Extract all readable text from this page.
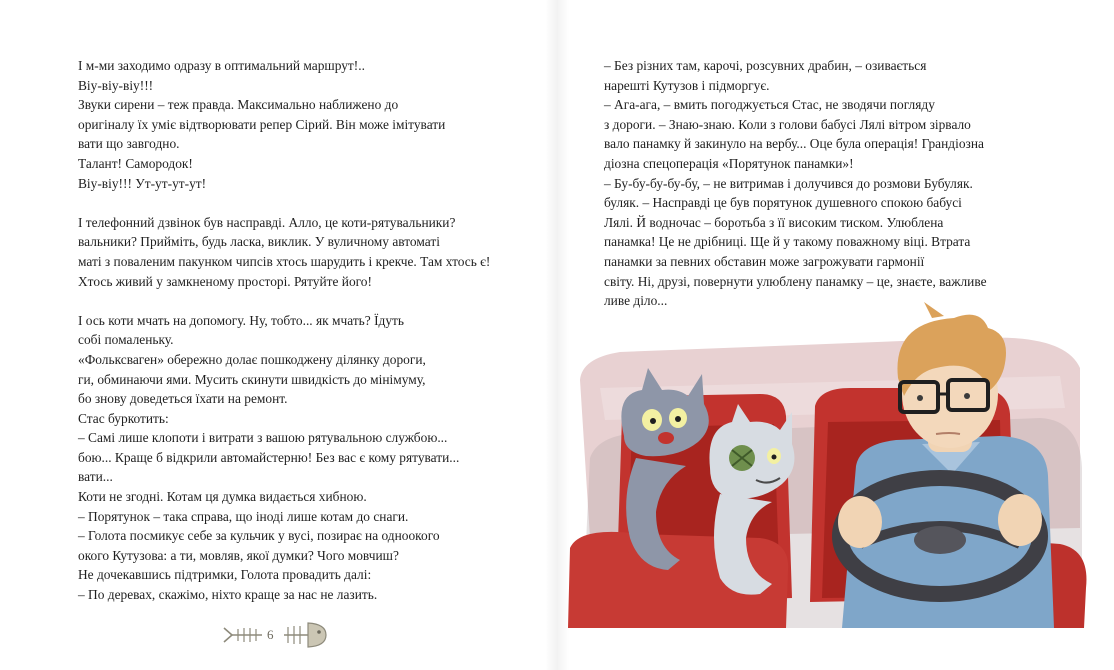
І м-ми заходимо одразу в оптимальний маршрут!..

Віу-віу-віу!!!

Звуки сирени – теж правда. Максимально наближено до

оригіналу їх уміє відтворювати репер Сірий. Він може імітувати

вати що завгодно.

Талант! Самородок!

Віу-віу!!! Ут-ут-ут-ут!

І телефонний дзвінок був насправді. Алло, це коти-рятувальники?

вальники? Прийміть, будь ласка, виклик. У вуличному автоматі

маті з поваленим пакунком чипсів хтось шарудить і крекче. Там хтось є!

Хтось живий у замкненому просторі. Рятуйте його!

І ось коти мчать на допомогу. Ну, тобто... як мчать? Їдуть

собі помаленьку.

«Фольксваген» обережно долає пошкоджену ділянку дороги,

ги, обминаючи ями. Мусить скинути швидкість до мінімуму,

бо знову доведеться їхати на ремонт.

Стас буркотить:

– Самі лише клопоти і витрати з вашою рятувальною службою...

бою... Краще б відкрили автомайстерню! Без вас є кому рятувати...

вати...

Коти не згодні. Котам ця думка видається хибною.

– Порятунок – така справа, що іноді лише котам до снаги.

– Голота посмикує себе за кульчик у вусі, позирає на одноокого

окого Кутузова: а ти, мовляв, якої думки? Чого мовчиш?

Не дочекавшись підтримки, Голота провадить далі:

– По деревах, скажімо, ніхто краще за нас не лазить.

6

– Без різних там, карочі, розсувних драбин, – озивається

нарешті Кутузов і підморгує.

– Ага-ага, – вмить погоджується Стас, не зводячи погляду

з дороги. – Знаю-знаю. Коли з голови бабусі Лялі вітром зірвало

вало панамку й закинуло на вербу... Оце була операція! Грандіозна

діозна спецоперація «Порятунок панамки»!

– Бу-бу-бу-бу-бу, – не витримав і долучився до розмови Бубуляк.

буляк. – Насправді це був порятунок душевного спокою бабусі

Лялі. Й водночас – боротьба з її високим тиском. Улюблена

панамка! Це не дрібниці. Ще й у такому поважному віці. Втрата

панамки за певних обставин може загрожувати гармонії

світу. Ні, друзі, повернути улюблену панамку – це, знаєте, важливе

ливе діло...
